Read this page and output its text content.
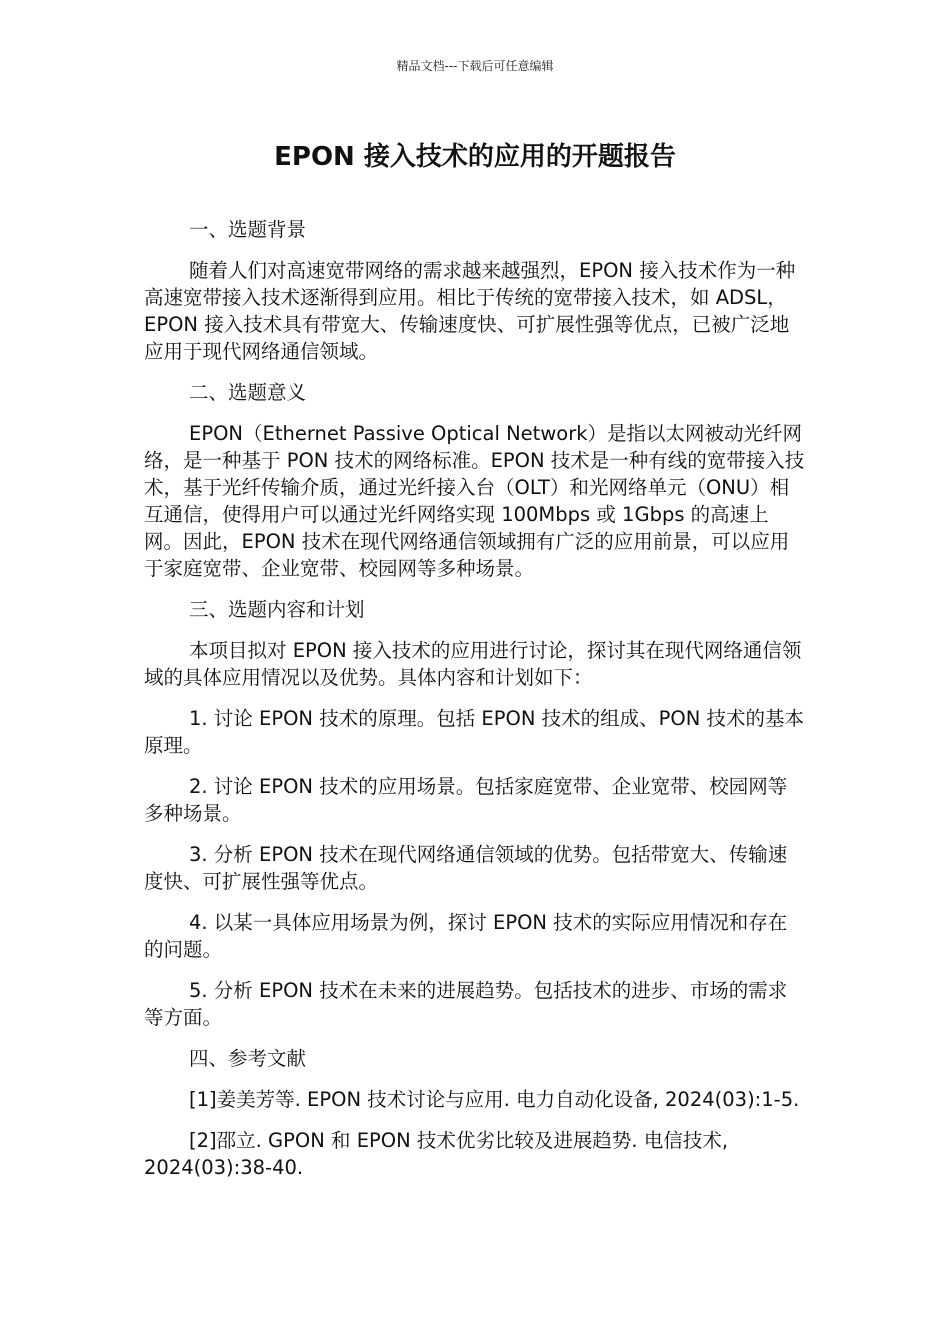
精品文档---下载后可任意编辑
EPON 接入技术的应用的开题报告

一、选题背景

随着人们对高速宽带网络的需求越来越强烈，EPON 接入技术作为一种高速宽带接入技术逐渐得到应用。相比于传统的宽带接入技术，如 ADSL，EPON 接入技术具有带宽大、传输速度快、可扩展性强等优点，已被广泛地应用于现代网络通信领域。

二、选题意义

EPON（Ethernet Passive Optical Network）是指以太网被动光纤网络，是一种基于 PON 技术的网络标准。EPON 技术是一种有线的宽带接入技术，基于光纤传输介质，通过光纤接入台（OLT）和光网络单元（ONU）相互通信，使得用户可以通过光纤网络实现 100Mbps 或 1Gbps 的高速上网。因此，EPON 技术在现代网络通信领域拥有广泛的应用前景，可以应用于家庭宽带、企业宽带、校园网等多种场景。

三、选题内容和计划

本项目拟对 EPON 接入技术的应用进行讨论，探讨其在现代网络通信领域的具体应用情况以及优势。具体内容和计划如下：

1. 讨论 EPON 技术的原理。包括 EPON 技术的组成、PON 技术的基本原理。

2. 讨论 EPON 技术的应用场景。包括家庭宽带、企业宽带、校园网等多种场景。

3. 分析 EPON 技术在现代网络通信领域的优势。包括带宽大、传输速度快、可扩展性强等优点。

4. 以某一具体应用场景为例，探讨 EPON 技术的实际应用情况和存在的问题。

5. 分析 EPON 技术在未来的进展趋势。包括技术的进步、市场的需求等方面。

四、参考文献

[1]姜美芳等. EPON 技术讨论与应用. 电力自动化设备, 2024(03):1-5.

[2]邵立. GPON 和 EPON 技术优劣比较及进展趋势. 电信技术, 2024(03):38-40.
